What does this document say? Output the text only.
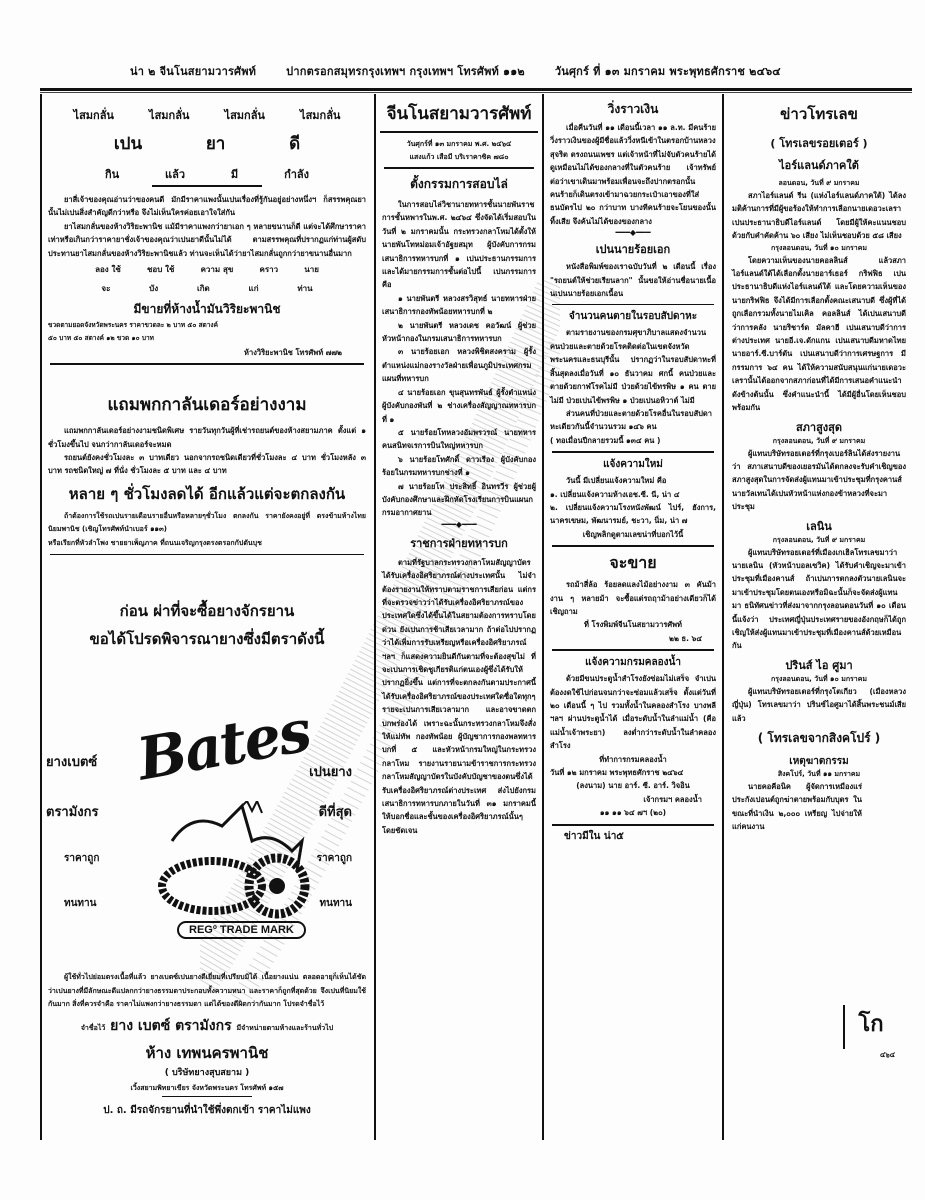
น่า ๒ จีนโนสยามวารศัพท์	ปากตรอกสมุทรกรุงเทพฯ กรุงเทพฯ โทรศัพท์ ๑๑๒	วันศุกร์ ที่ ๑๓ มกราคม พระพุทธศักราช ๒๔๖๔
ไสมกลั่น	ไสมกลั่น	ไสมกลั่น	ไสมกลั่น
เปน	ยา	ดี
กิน	แล้ว	มี	กำลัง
ยาสี่เจ้าของคุณอ่านว่าของคนดี มักมีราคาแพงนั้นเปนเรื่องที่รู้กันอยู่อย่างหนึ่งฯ ก็สรรพคุณยานั้นไม่เปนสิ่งสำคัญดีกว่าหรือ จึงไม่เห็นใครค่อยเอาใจใส่กัน
ยาไสมกลั่นของห้างวิริยะพานิช แม้มีราคาแพงกว่ายาเอก ๆ หลายขนานก็ดี แต่จะได้ศึกษาราคาเท่าหรือเกินกว่าราคายาชั่งเจ้าของคุณว่าเปนยาดีนั้นไม่ได้ ตามสรรพคุณที่ปรากฏแก่ท่านผู้สดับประทานยาไสมกลั่นของห้างวิริยะพานิชแล้ว ท่านจะเห็นได้ว่ายาไสมกลั่นถูกกว่ายาขนานอื่นมาก
ลอง ใช้	ชอบ ใช้	ความ สุข	คราว	นาย
จะ	บัง	เกิด	แก่	ท่าน
มีขายที่ห้างน้ำมันวิริยะพานิช
ขวดตามยอดจังหวัดพระนคร ราคาขวดละ ๒ บาท ๕๐ สตางค์
๕๐ บาท ๕๐ สตางค์ ๑๒ ขวด ๑๐ บาท
ห้างวิริยะพานิช โทรศัพท์ ๗๗๒
แถมพกกาลันเดอร์อย่างงาม
แถมพกกาลันเดอร์อย่างงามชนิดพิเศษ รายวันทุกวันผู้ที่เช่ารถยนต์ของห้างสยามภาค ตั้งแต่ ๑ ชั่วโมงขึ้นไป จนกว่ากาลันเดอร์จะหมด
รถยนต์ยังคงชั่วโมงละ ๓ บาทเดียว นอกจากรถชนิดเดียวที่ชั่วโมงละ ๔ บาท ชั่วโมงหลัง ๓ บาท รถชนิดใหญ่ ๗ ที่นั่ง ชั่วโมงละ ๕ บาท และ ๔ บาท
หลาย ๆ ชั่วโมงลดได้ อีกแล้วแต่จะตกลงกัน
ถ้าต้องการใช้รถเปนรายเดือนรายอื่นหรือหลายๆชั่วโมง ตกลงกัน ราคายังคงอยู่ที่ ตรงข้ามห้างไทยนิยมพานิช (เชิญโทรศัพท์นำเบอร์ ๑๑๓)
หรือเรียกที่หัวลำโพง ชายยาเพ็ญภาค ที่ถนนเจริญกรุงตรงตรอกกัปตันบุช
ก่อน ผ่าที่จะซื้อยางจักรยาน
ขอได้โปรดพิจารณายางซึ่งมีตราดังนี้
Bates
REGº TRADE MARK
ยางเบตซ์
ตรามังกร
ราคาถูก
ทนทาน
เปนยาง
ดีที่สุด
ราคาถูก
ทนทาน
ผู้ใช้ทั่วไปย่อมตรงเนื้อที่แล้ว ยางเบตซ์เปนยางดีเยี่ยมที่เปรียบมิได้ เนื้อยางแน่น ตลอดอายุก็เห็นได้ชัดว่าเปนยางที่มีลักษณะดีแปลกกว่ายางธรรมดาประกอบทั้งความหนา และราคาก็ถูกที่สุดด้วย จึงเปนที่นิยมใช้กันมาก สิ่งที่ควรจำคือ ราคาไม่แพงกว่ายางธรรมดา แต่ได้ของดีผิดกว่ากันมาก โปรดจำชื่อไว้
จำชื่อไว้ ยาง เบตซ์ ตรามังกร มีจำหน่ายตามห้างและร้านทั่วไป
ห้าง เทพนครพานิช
( บริษัทยางสุบสยาม )
เวิ้งสยามพิทยาเขียร จังหวัดพระนคร โทรศัพท์ ๑๕๗
ป. ถ. มีรถจักรยานที่นำใช้พึ่งตกเข้า ราคาไม่แพง
จีนโนสยามวารศัพท์
วันศุกร์ที่ ๑๓ มกราคม พ.ศ. ๒๔๖๔
แสงแก้ว เสือมี บริเราคาซิค ๗๘๐
ตั้งกรรมการสอบไล่
ในการสอบไล่วิชานายทหารชั้นนายพันราชการชั้นหพารในพ.ศ. ๒๔๖๔ ซึ่งจัดได้เริ่มสอบในวันที่ ๒ มกราคมนั้น กระทรวงกลาโหมได้ตั้งให้นายพันโทหม่อมเจ้าอัฐยสมุท ผู้บังคับการกรมเสนาธิการทหารบกที่ ๑ เปนประธานกรรมการ และได้มายกรรมการชั้นต่อไปนี้ เปนกรรมการ คือ
๑ นายพันตรี หลวงสรวิสุทธ์ นายทหารฝ่ายเสนาธิการกองทัพน้อยทหารบกที่ ๒
๒ นายพันตรี หลวงเดช คอวัฒน์ ผู้ช่วยหัวหน้ากองในกรมเสนาธิการทหารบก
๓ นายร้อยเอก หลวงพิชิตสงคราม ผู้รั้งตำแหน่งแม่กองรางวัลฝ่ายเพื่อนภูมิประเทศกรมแผนที่ทหารบก
๔ นายร้อยเอก ขุนสุนทรพันธ์ ผู้รั้งตำแหน่งผู้บังคับกองพันที่ ๒ ช่างเครื่องสัญญาณทหารบกที่ ๑
๕ นายร้อยโทหลวงอัมพรวรณ์ นายทหารคนสนิทจเรการบินใหญ่ทหารบก
๖ นายร้อยโทศักดิ์ ดาวเรือง ผู้บังคับกองร้อยในกรมทหารบกช่างที่ ๑
๗ นายร้อยโท ประสิทธิ์ อินทรวีร ผู้ช่วยผู้บังคับกองศึกษาและฝึกหัดโรงเรียนการบินแผนกกรมอากาศยาน
━━━◆━━━
ราชการฝ่ายทหารบก
ตามที่รัฐบาลกระทรวงกลาโหมสัญญาบัตรได้รับเครื่องอิศริยาภรณ์ต่างประเทศนั้น ไม่จำต้องรายงานให้ทราบตามราชการเสียก่อน แต่กรที่จะตรวจข่าวว่าได้รับเครื่องอิศริยาภรณ์ของประเทศใดซึ่งได้ขึ้นได้ในสยามต้องการทราบโดยด่วน ยังเปนการช้าเสียเวลามาก ถ้าต่อไปปรากฏว่าได้เพิ่มการรับเหรียญหรือเครื่องอิศริยาภรณ์ ฯลฯ ก็แสดงความยินดีกันตามที่จะต้องสุขไม่ ที่จะเปนการเชิดชูเกียรติแก่ตนเองผู้ซึ่งได้รับให้ปรากฏยิ่งขึ้น แต่การที่จะตกลงกันตามประกาศนี้ ได้รับเครื่องอิศริยาภรณ์ของประเทศใดซื่อใดทุกๆ รายจะเปนการเสียเวลามาก และอาจขาดตกบกพร่องได้ เพราะฉะนั้นกระทรวงกลาโหมจึงสั่งให้แม่ทัพ กองทัพน้อย ผู้บัญชาการกองพลทหารบกที่ ๕ และหัวหน้ากรมใหญ่ในกระทรวงกลาโหม รายงานรายนามข้าราชการกระทรวงกลาโหมสัญญาบัตรในบังคับบัญชาของตนซึ่งได้รับเครื่องอิศริยาภรณ์ต่างประเทศ ส่งไปยังกรมเสนาธิการทหารบกภายในวันที่ ๓๑ มกราคมนี้ ให้บอกชื่อและชั้นของเครื่องอิศริยาภรณ์นั้นๆ โดยชัดเจน
วิ่งราวเงิน
เมื่อคืนวันที่ ๑๑ เดือนนี้เวลา ๑๑ ล.ท. มีคนร้ายวิ่งราวเงินของผู้มีชื่อแล้ววิ่งหนีเข้าในตรอกบ้านหลวงสุจริต ตรงถนนเพชร แต่เจ้าหน้าที่ไม่จับตัวคนร้ายได้ ดูเหมือนไม่ได้ของกลางที่ในตัวคนร้าย เจ้าทรัพย์ต่อว่าเขาเดินมาพร้อมเพื่อนจะถึงปากตรอกนั้น คนร้ายก็เดินตรงเข้ามาฉวยกระเป๋าเอาของที่ใส่ธนบัตรไป ๒๐ กว่าบาท บางทีคนร้ายจะโยนของนั้นทิ้งเสีย จึงค้นไม่ได้ของของกลาง
━━━◆━━━
เปนนายร้อยเอก
หนังสือพิมพ์ของเราฉบับวันที่ ๒ เดือนนี้ เรื่อง "รถยนต์ให้ช่วยเรียนลาก" นั้นขอให้อ่านชื่อนายเนื้อนเปนนายร้อยเอกเนื้อน
จำนวนคนตายในรอบสัปดาหะ
ตามรายงานของกรมศุขาภิบาลแสดงจำนวนคนป่วยและตายด้วยโรคติดต่อในเขตจังหวัดพระนครและธนบุรีนั้น ปรากฏว่าในรอบสัปดาหะที่สิ้นสุดลงเมื่อวันที่ ๑๐ ธันวาคม ศกนี้ คนป่วยและตายด้วยกาฬโรคไม่มี ป่วยด้วยไข้ทรพิษ ๑ คน ตายไม่มี ป่วยเปนไข้พรพิษ ๑ ป่วยเปนอหิวาต์ ไม่มี
ส่วนคนที่ป่วยและตายด้วยโรคอื่นในรอบสัปดาหะเดียวกันนี้จำนวนรวม ๑๔๖ คน
( ทอเมื่อนปีกลายรวมนี้ ๑๓๔ คน )
แจ้งความใหม่
วันนี้ มีเปลี่ยนแจ้งความใหม่ คือ
๑. เปลี่ยนแจ้งความห้างเอช.ซี. นี, น่า ๔
๒. เปลี่ยนแจ้งความโรงหนังพัฒน์ ไปร์, ฮังการ, นาครเขษม, พัฒนารมย์, ชะวา, นิ่ม, น่า ๗
เชิญพลิกดูตามเลขน่าที่บอกไว้นี้
จะขาย
รถม้าสี่ล้อ ร้อยลดแลงไม้อย่างงาม ๓ คันม้างาน ๆ หลายม้า จะซื้อแต่รถฤาม้าอย่างเดียวก็ได้ เชิญถาม
ที่ โรงพิมพ์จีนโนสยามวารศัพท์
๒๒ ธ. ๖๔
แจ้งความกรมคลองน้ำ
ด้วยมีขนประตูน้ำสำโรงยังซ่อมไม่เสร็จ จำเปนต้องงดใช้ไปก่อนจนกว่าจะซ่อมแล้วเสร็จ ตั้งแต่วันที่ ๒๐ เดือนนี้ ๆ ไป รวมทั้งน้ำในคลองสำโรง บางพลี ฯลฯ ผ่านประตูน้ำได้ เมื่อระดับน้ำในลำแม่น้ำ (คือแม่น้ำเจ้าพระยา) ลงต่ำกว่าระดับน้ำในลำคลองสำโรง
ที่ทำการกรมคลองน้ำ
วันที่ ๑๒ มกราคม พระพุทธศักราช ๒๔๖๔
(ลงนาม) นาย อาร์. ซี. อาร์. วิจอิน
เจ้ากรมฯ คลองน้ำ
๑๑ ๑๑ ๖๔ ๗ฯ (๒๐)
ข่าวมีใน น่า๕
ข่าวโทรเลข
( โทรเลขรอยเตอร์ )
ไอร์แลนด์ภาคใต้
ลอนดอน, วันที่ ๙ มกราคม
สภาไอร์แลนด์ รีน (แห่งไอร์แลนด์ภาคใต้) ได้ลงมติค้านการที่มีผู้ขอร้องให้ทำการเลือกนายเดอวะเลราเปนประธานาธิบดีไอร์แลนด์ โดยมีผู้ให้คะแนนชอบด้วยกับคำคัดค้าน ๖๐ เสียง ไม่เห็นชอบด้วย ๕๘ เสียง
กรุงลอนดอน, วันที่ ๑๐ มกราคม
โดยความเห็นของนายคอลลินส์ แล้วสภาไอร์แลนด์ใต้ได้เลือกตั้งนายอาร์เธอร์ กริฟฟิธ เปนประธานาธิบดีแห่งไอร์แลนด์ใต้ และโดยความเห็นของนายกริฟฟิธ จึงได้มีการเลือกตั้งคณะเสนาบดี ซึ่งผู้ที่ได้ถูกเลือกรวมทั้งนายไมเคิล คอลลินส์ ได้เปนเสนาบดีว่าการคลัง นายริชาร์ด มัลคาฮี เปนเสนาบดีว่าการต่างประเทศ นายอี.เจ.ดักแกน เปนเสนาบดีมหาดไทย นายอาร์.ซี.บาร์ตัน เปนเสนาบดีว่าการเศรษฐการ มีกรรมการ ๖๔ คน ได้ให้ความสนับสนุนแก่นายเดอวะเลรานั้นได้ออกจากสภาก่อนที่ได้มีการเสนอคำแนะนำดังข้างต้นนั้น ซึ่งคำแนะนำนี้ ได้มีผู้อื่นโดยเห็นชอบพร้อมกัน
สภาสูงสุด
กรุงลอนดอน, วันที่ ๙ มกราคม
ผู้แทนบริษัทรอยเตอร์ที่กรุงเบอร์ลินได้ส่งรายงานว่า สภาเสนาบดีของเยอรมันได้ตกลงจะรับคำเชิญของสภาสูงสุดในการจัดส่งผู้แทนมาเข้าประชุมที่กรุงคานส์ นายวัลเทนได้เปนหัวหน้าแห่งกองข้าหลวงที่จะมาประชุม
เลนิน
กรุงลอนดอน, วันที่ ๙ มกราคม
ผู้แทนบริษัทรอยเตอร์ที่เมืองเกเฮิลโทรเลขมาว่า นายเลนิน (หัวหน้าบอลเซวิค) ได้รับคำเชิญจะมาเข้าประชุมที่เมืองคานส์ ถ้าเปนการตกลงตัวนายเลนินจะมาเข้าประชุมโดยตนเองหรือมิฉะนั้นก็จะจัดส่งผู้แทนมา ธนิทัศนข่าวที่ส่งมาจากกรุงลอนดอนวันที่ ๑๐ เดือนนี้แจ้งว่า ประเทศญี่ปุ่นประเทศรายของอังกฤษก็ได้ถูกเชิญให้ส่งผู้แทนมาเข้าประชุมที่เมืองคานส์ด้วยเหมือนกัน
ปรินส์ ไอ ศูมา
กรุงลอนดอน, วันที่ ๑๐ มกราคม
ผู้แทนบริษัทรอยเตอร์ที่กรุงโตเกียว (เมืองหลวงญี่ปุ่น) โทรเลขมาว่า ปรินซ์ไอศูมาได้สิ้นพระชนม์เสียแล้ว
( โทรเลขจากสิงคโปร์ )
เหตุฆาตกรรม
สิงคโปร์, วันที่ ๑๑ มกราคม
นายคอคีอนิค ผู้จัดการเหมืองแร่ ประกังเปอนต์ถูกฆ่าตายพร้อมกับบุตร ในขณะที่นำเงิน ๒,๐๐๐ เหรียญ ไปจ่ายให้แก่คนงาน
โก
๔๖๔
